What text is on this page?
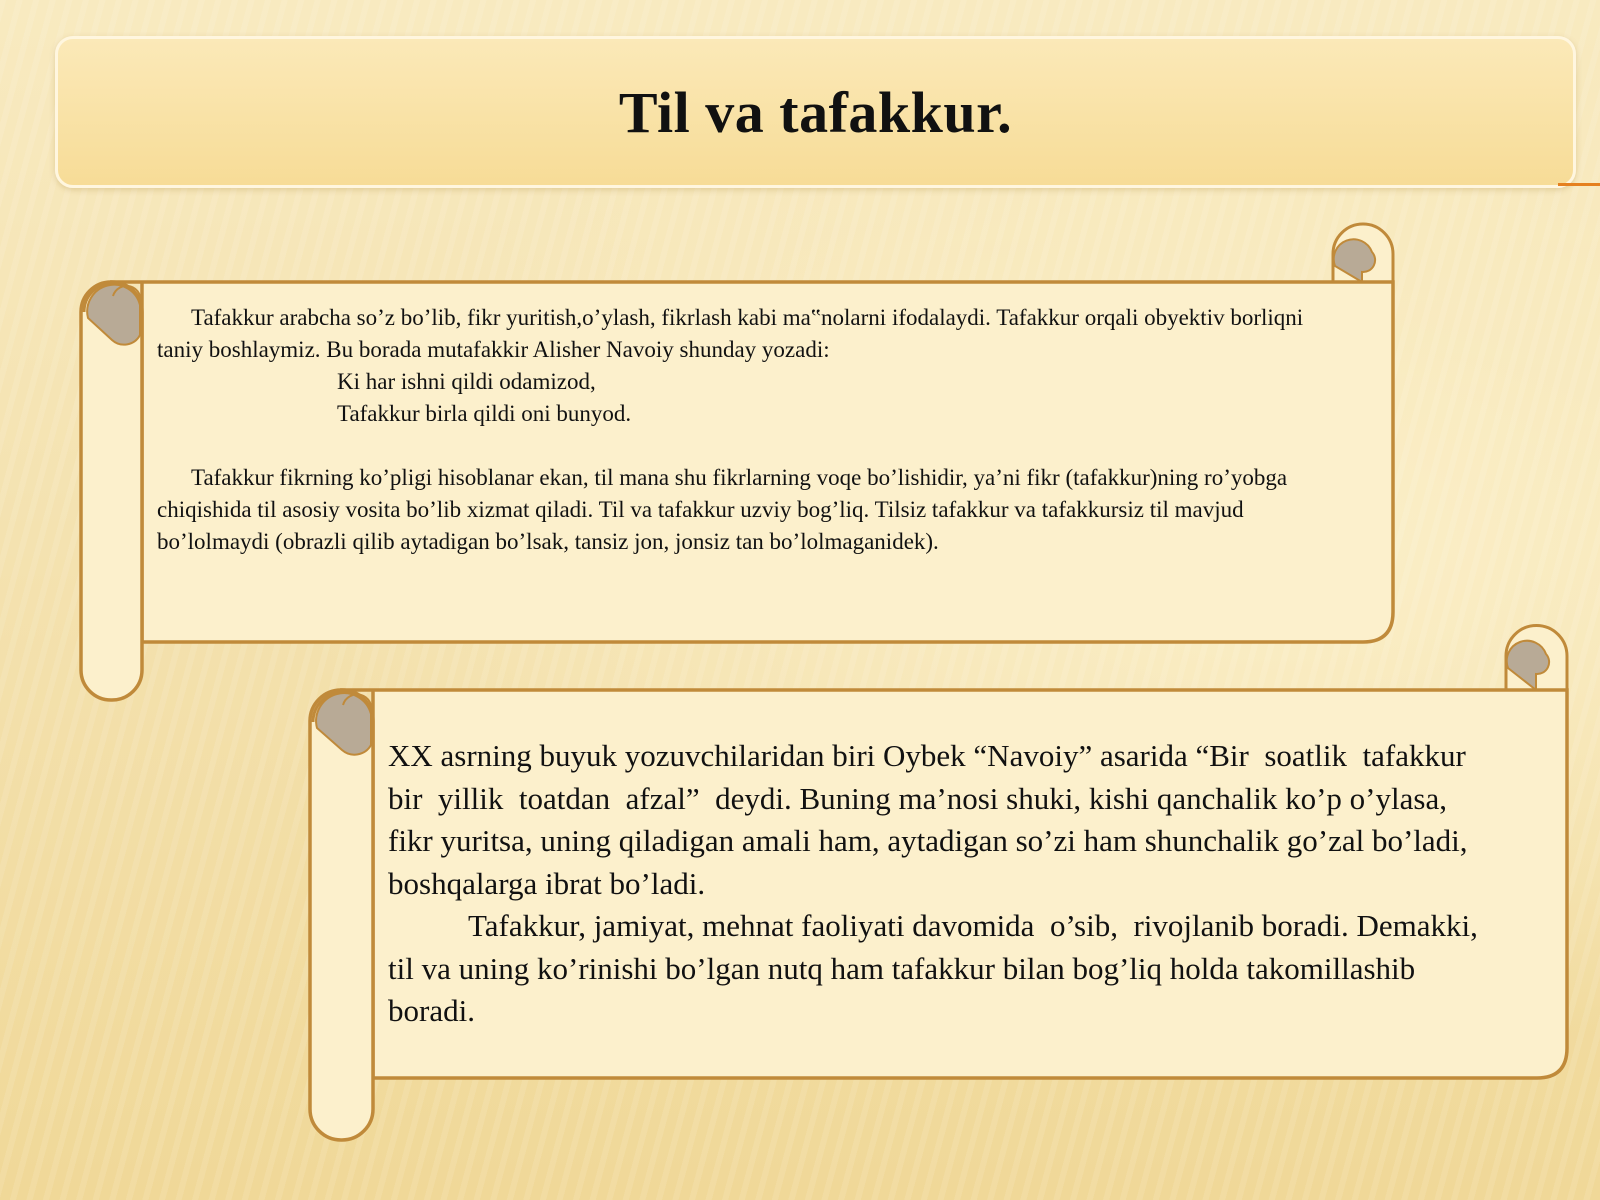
Til va tafakkur.

Tafakkur arabcha so’z bo’lib, fikr yuritish,o’ylash, fikrlash kabi ma‟nolarni ifodalaydi. Tafakkur orqali obyektiv borliqni taniy boshlaymiz. Bu borada mutafakkir Alisher Navoiy shunday yozadi:

Ki har ishni qildi odamizod,

Tafakkur birla qildi oni bunyod.

Tafakkur fikrning ko’pligi hisoblanar ekan, til mana shu fikrlarning voqe bo’lishidir, ya’ni fikr (tafakkur)ning ro’yobga chiqishida til asosiy vosita bo’lib xizmat qiladi. Til va tafakkur uzviy bog’liq. Tilsiz tafakkur va tafakkursiz til mavjud bo’lolmaydi (obrazli qilib aytadigan bo’lsak, tansiz jon, jonsiz tan bo’lolmaganidek).

XX asrning buyuk yozuvchilaridan biri Oybek “Navoiy” asarida “Bir  soatlik  tafakkur  bir  yillik  toatdan  afzal”  deydi. Buning ma’nosi shuki, kishi qanchalik ko’p o’ylasa, fikr yuritsa, uning qiladigan amali ham, aytadigan so’zi ham shunchalik go’zal bo’ladi, boshqalarga ibrat bo’ladi.

Tafakkur, jamiyat, mehnat faoliyati davomida  o’sib,  rivojlanib boradi. Demakki, til va uning ko’rinishi bo’lgan nutq ham tafakkur bilan bog’liq holda takomillashib boradi.
